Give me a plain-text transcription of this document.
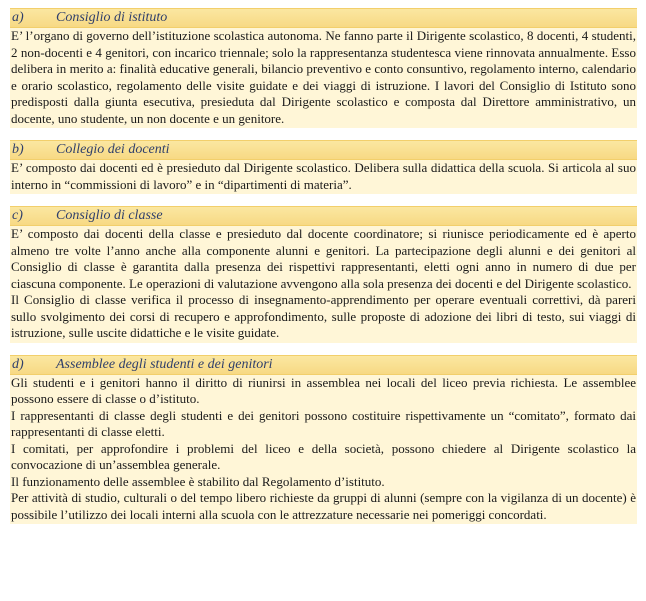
a)	Consiglio di istituto

E’ l’organo di governo dell’istituzione scolastica autonoma. Ne fanno parte il Dirigente scolastico, 8 docenti, 4 studenti, 2 non-docenti e 4 genitori, con incarico triennale; solo la rappresentanza studentesca viene rinnovata annualmente. Esso delibera in merito a: finalità educative generali, bilancio preventivo e conto consuntivo, regolamento interno, calendario e orario scolastico, regolamento delle visite guidate e dei viaggi di istruzione. I lavori del Consiglio di Istituto sono predisposti dalla giunta esecutiva, presieduta dal Dirigente scolastico e composta dal Direttore amministrativo, un docente, uno studente, un non docente e un genitore.

b)	Collegio dei docenti

E’ composto dai docenti ed è presieduto dal Dirigente scolastico. Delibera sulla didattica della scuola. Si articola al suo interno in “commissioni di lavoro” e in “dipartimenti di materia”.

c)	Consiglio di classe

E’ composto dai docenti della classe e presieduto dal docente coordinatore; si riunisce periodicamente ed è aperto almeno tre volte l’anno anche alla componente alunni e genitori. La partecipazione degli alunni e dei genitori al Consiglio di classe è garantita dalla presenza dei rispettivi rappresentanti, eletti ogni anno in numero di due per ciascuna componente. Le operazioni di valutazione avvengono alla sola presenza dei docenti e del Dirigente scolastico.

Il Consiglio di classe verifica il processo di insegnamento-apprendimento per operare eventuali correttivi, dà pareri sullo svolgimento dei corsi di recupero e approfondimento, sulle proposte di adozione dei libri di testo, sui viaggi di istruzione, sulle uscite didattiche e le visite guidate.

d)	Assemblee degli studenti e dei genitori

Gli studenti e i genitori hanno il diritto di riunirsi in assemblea nei locali del liceo previa richiesta. Le assemblee possono essere di classe o d’istituto.

I rappresentanti di classe degli studenti e dei genitori possono costituire rispettivamente un “comitato”, formato dai rappresentanti di classe eletti.

I comitati, per approfondire i problemi del liceo e della società, possono chiedere al Dirigente scolastico la convocazione di un’assemblea generale.

Il funzionamento delle assemblee è stabilito dal Regolamento d’istituto.

Per attività di studio, culturali o del tempo libero richieste da gruppi di alunni (sempre con la vigilanza di un docente) è possibile l’utilizzo dei locali interni alla scuola con le attrezzature necessarie nei pomeriggi concordati.
